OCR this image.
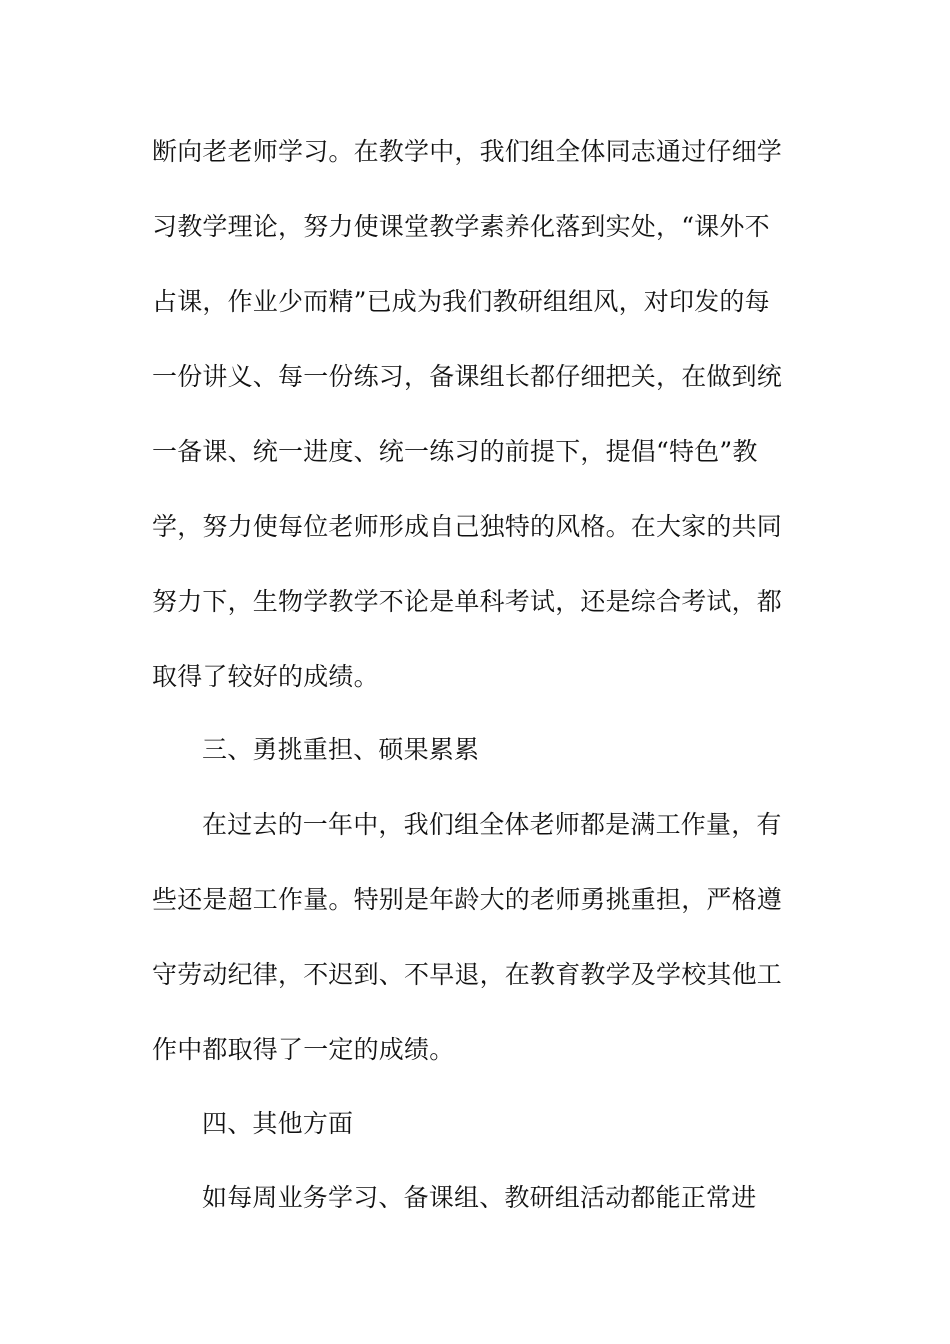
断向老老师学习。在教学中，我们组全体同志通过仔细学

习教学理论，努力使课堂教学素养化落到实处，“课外不

占课，作业少而精”已成为我们教研组组风，对印发的每

一份讲义、每一份练习，备课组长都仔细把关，在做到统

一备课、统一进度、统一练习的前提下，提倡“特色”教

学，努力使每位老师形成自己独特的风格。在大家的共同

努力下，生物学教学不论是单科考试，还是综合考试，都

取得了较好的成绩。

三、勇挑重担、硕果累累

在过去的一年中，我们组全体老师都是满工作量，有

些还是超工作量。特别是年龄大的老师勇挑重担，严格遵

守劳动纪律，不迟到、不早退，在教育教学及学校其他工

作中都取得了一定的成绩。

四、其他方面

如每周业务学习、备课组、教研组活动都能正常进
